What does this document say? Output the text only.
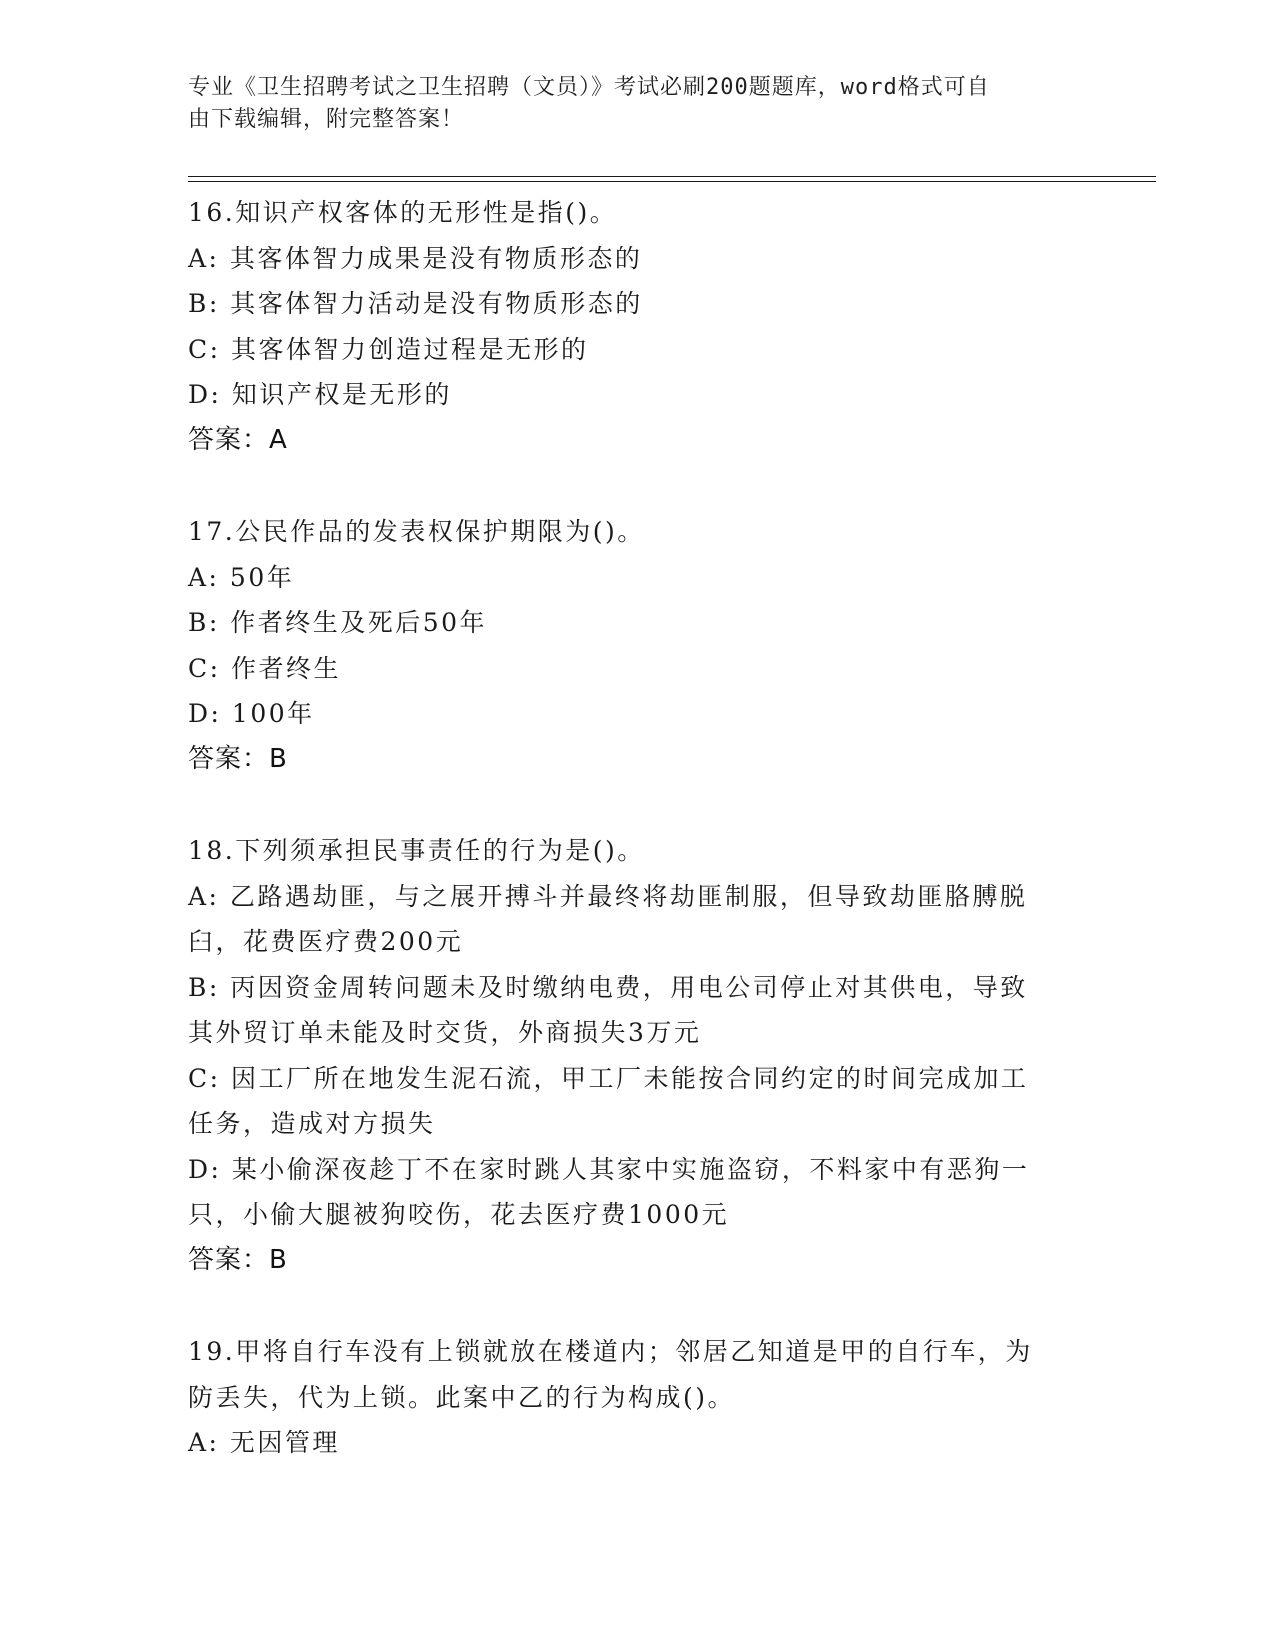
专业《卫生招聘考试之卫生招聘（文员）》考试必刷200题题库，word格式可自
由下载编辑，附完整答案！
16.知识产权客体的无形性是指()。
A: 其客体智力成果是没有物质形态的
B: 其客体智力活动是没有物质形态的
C: 其客体智力创造过程是无形的
D: 知识产权是无形的
答案：A
17.公民作品的发表权保护期限为()。
A: 50年
B: 作者终生及死后50年
C: 作者终生
D: 100年
答案：B
18.下列须承担民事责任的行为是()。
A: 乙路遇劫匪，与之展开搏斗并最终将劫匪制服，但导致劫匪胳膊脱
臼，花费医疗费200元
B: 丙因资金周转问题未及时缴纳电费，用电公司停止对其供电，导致
其外贸订单未能及时交货，外商损失3万元
C: 因工厂所在地发生泥石流，甲工厂未能按合同约定的时间完成加工
任务，造成对方损失
D: 某小偷深夜趁丁不在家时跳人其家中实施盗窃，不料家中有恶狗一
只，小偷大腿被狗咬伤，花去医疗费1000元
答案：B
19.甲将自行车没有上锁就放在楼道内；邻居乙知道是甲的自行车，为
防丢失，代为上锁。此案中乙的行为构成()。
A: 无因管理
